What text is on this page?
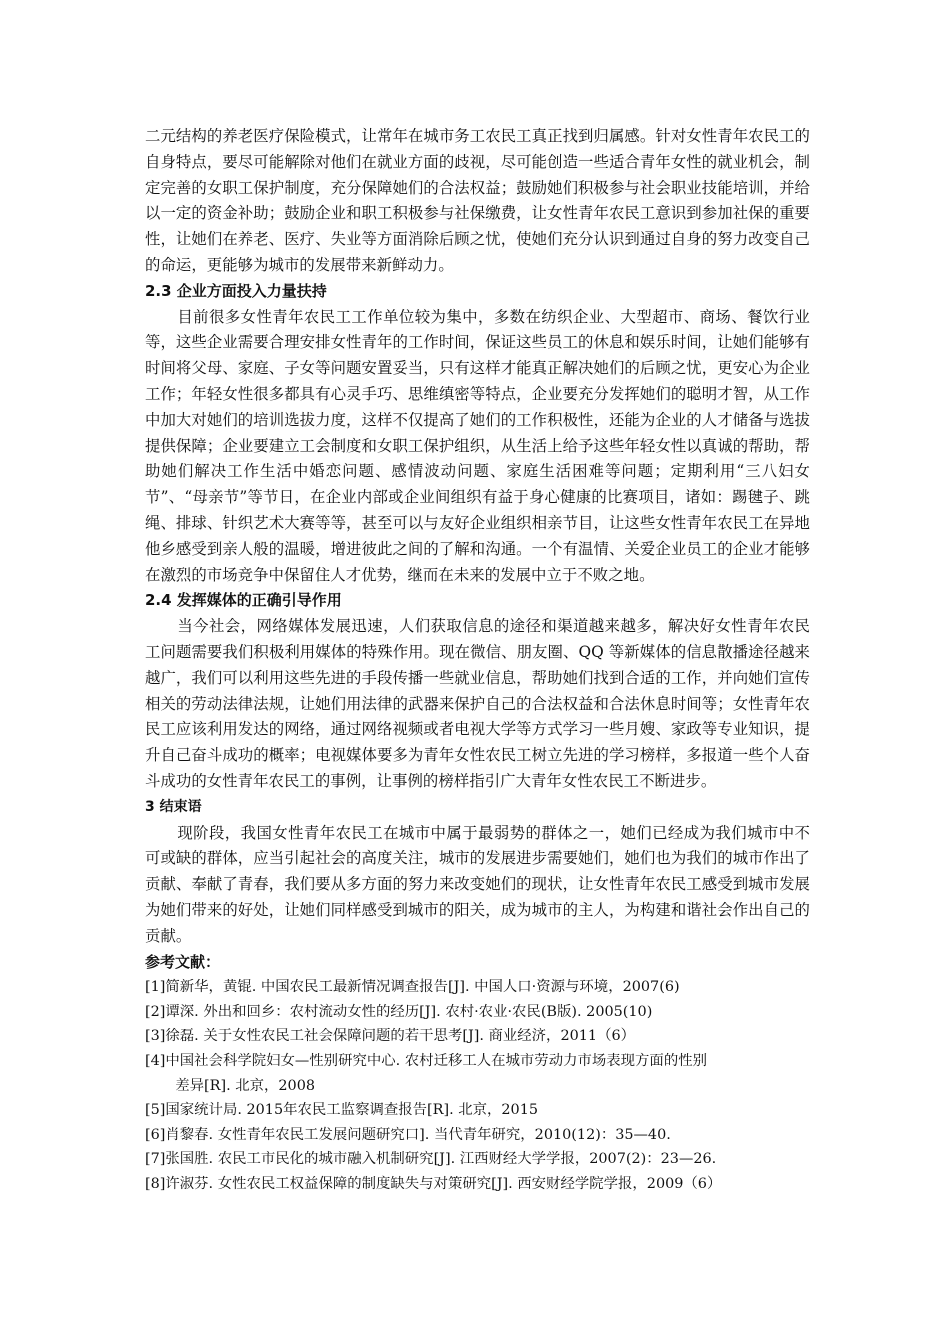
二元结构的养老医疗保险模式，让常年在城市务工农民工真正找到归属感。针对女性青年农民工的自身特点，要尽可能解除对他们在就业方面的歧视，尽可能创造一些适合青年女性的就业机会，制定完善的女职工保护制度，充分保障她们的合法权益；鼓励她们积极参与社会职业技能培训，并给以一定的资金补助；鼓励企业和职工积极参与社保缴费，让女性青年农民工意识到参加社保的重要性，让她们在养老、医疗、失业等方面消除后顾之忧，使她们充分认识到通过自身的努力改变自己的命运，更能够为城市的发展带来新鲜动力。

2.3 企业方面投入力量扶持

目前很多女性青年农民工工作单位较为集中，多数在纺织企业、大型超市、商场、餐饮行业等，这些企业需要合理安排女性青年的工作时间，保证这些员工的休息和娱乐时间，让她们能够有时间将父母、家庭、子女等问题安置妥当，只有这样才能真正解决她们的后顾之忧，更安心为企业工作；年轻女性很多都具有心灵手巧、思维缜密等特点，企业要充分发挥她们的聪明才智，从工作中加大对她们的培训选拔力度，这样不仅提高了她们的工作积极性，还能为企业的人才储备与选拔提供保障；企业要建立工会制度和女职工保护组织，从生活上给予这些年轻女性以真诚的帮助，帮助她们解决工作生活中婚恋问题、感情波动问题、家庭生活困难等问题；定期利用“三八妇女节”、“母亲节”等节日，在企业内部或企业间组织有益于身心健康的比赛项目，诸如：踢毽子、跳绳、排球、针织艺术大赛等等，甚至可以与友好企业组织相亲节目，让这些女性青年农民工在异地他乡感受到亲人般的温暖，增进彼此之间的了解和沟通。一个有温情、关爱企业员工的企业才能够在激烈的市场竞争中保留住人才优势，继而在未来的发展中立于不败之地。

2.4 发挥媒体的正确引导作用

当今社会，网络媒体发展迅速，人们获取信息的途径和渠道越来越多，解决好女性青年农民工问题需要我们积极利用媒体的特殊作用。现在微信、朋友圈、QQ 等新媒体的信息散播途径越来越广，我们可以利用这些先进的手段传播一些就业信息，帮助她们找到合适的工作，并向她们宣传相关的劳动法律法规，让她们用法律的武器来保护自己的合法权益和合法休息时间等；女性青年农民工应该利用发达的网络，通过网络视频或者电视大学等方式学习一些月嫂、家政等专业知识，提升自己奋斗成功的概率；电视媒体要多为青年女性农民工树立先进的学习榜样，多报道一些个人奋斗成功的女性青年农民工的事例，让事例的榜样指引广大青年女性农民工不断进步。

3 结束语

现阶段，我国女性青年农民工在城市中属于最弱势的群体之一，她们已经成为我们城市中不可或缺的群体，应当引起社会的高度关注，城市的发展进步需要她们，她们也为我们的城市作出了贡献、奉献了青春，我们要从多方面的努力来改变她们的现状，让女性青年农民工感受到城市发展为她们带来的好处，让她们同样感受到城市的阳关，成为城市的主人，为构建和谐社会作出自己的贡献。

参考文献：

[1]简新华，黄锟. 中国农民工最新情况调查报告[J]. 中国人口·资源与环境，2007(6)

[2]谭深. 外出和回乡：农村流动女性的经历[J]. 农村·农业·农民(B版). 2005(10)

[3]徐磊. 关于女性农民工社会保障问题的若干思考[J]. 商业经济，2011（6）

[4]中国社会科学院妇女—性别研究中心. 农村迁移工人在城市劳动力市场表现方面的性别

差异[R]. 北京，2008

[5]国家统计局. 2015年农民工监察调查报告[R]. 北京，2015

[6]肖黎春. 女性青年农民工发展问题研究口]. 当代青年研究，2010(12)：35—40.

[7]张国胜. 农民工市民化的城市融入机制研究[J]. 江西财经大学学报，2007(2)：23—26.

[8]许淑芬. 女性农民工权益保障的制度缺失与对策研究[J]. 西安财经学院学报，2009（6）
